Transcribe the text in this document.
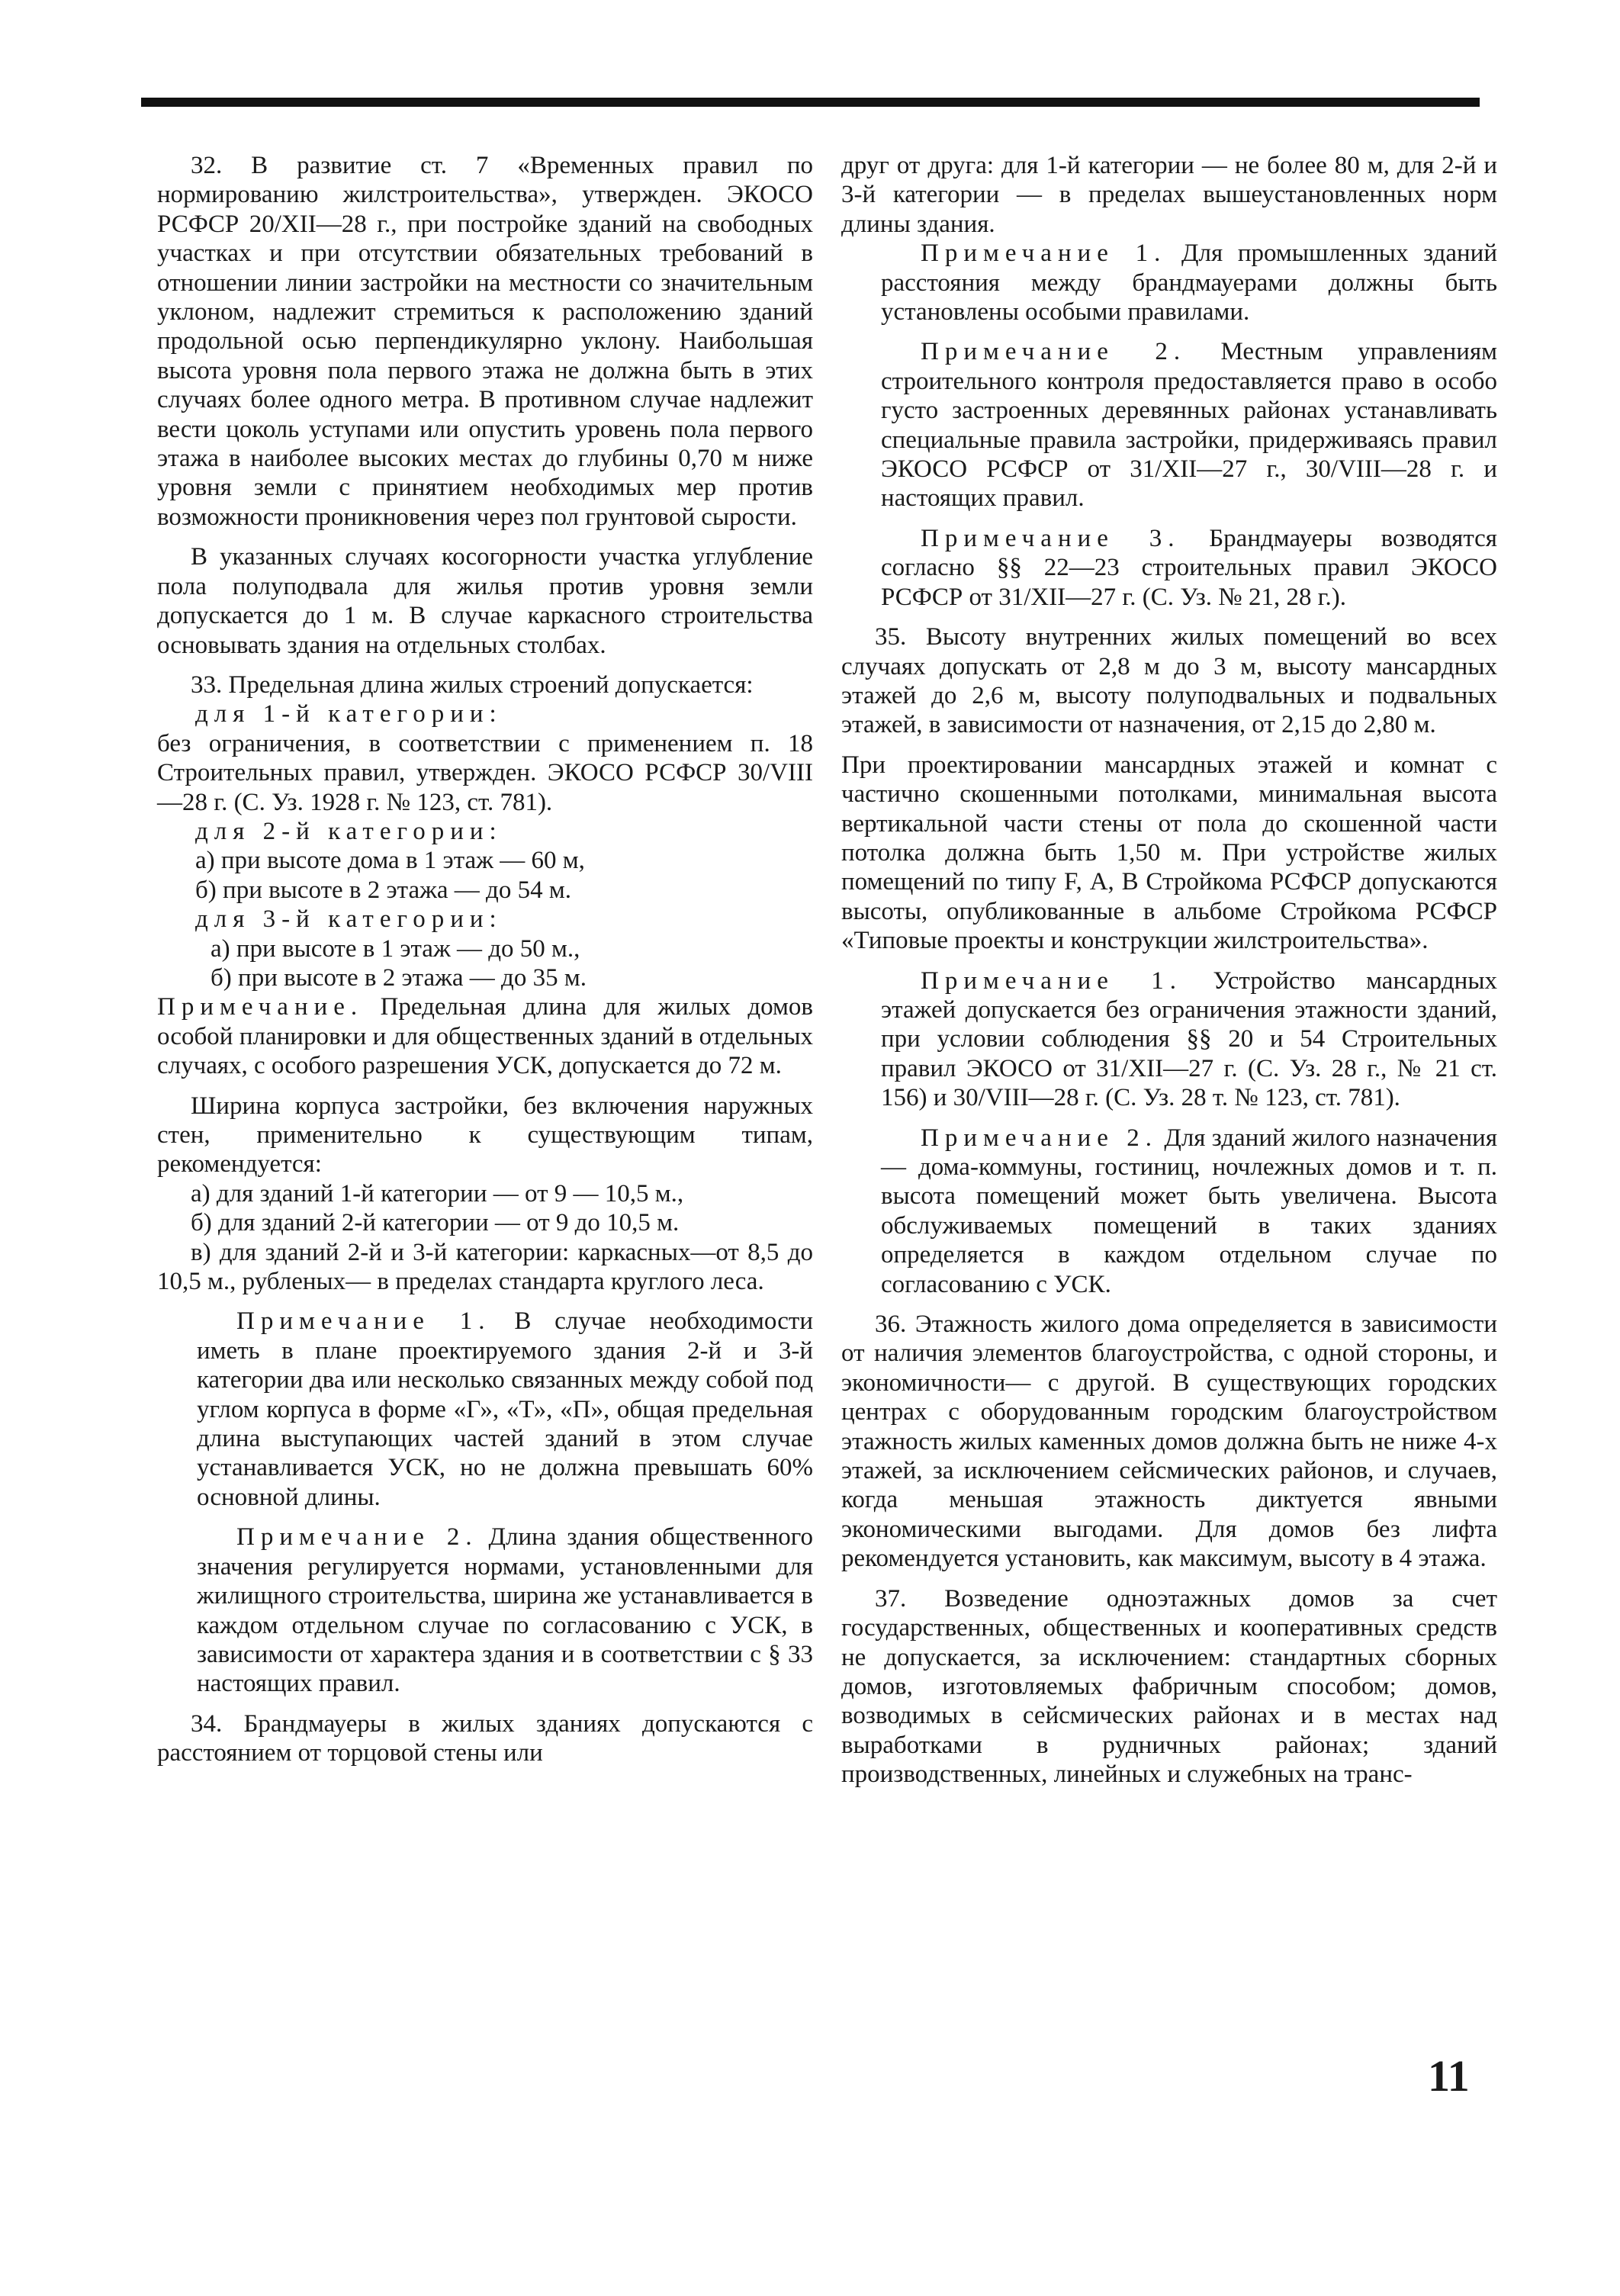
32. В развитие ст. 7 «Временных правил по нормированию жилстроительства», утвержден. ЭКОСО РСФСР 20/XII—28 г., при постройке зданий на свободных участках и при отсутствии обязательных требований в отношении линии застройки на местности со значительным уклоном, надлежит стремиться к расположению зданий продольной осью перпендикулярно уклону. Наибольшая высота уровня пола первого этажа не должна быть в этих случаях более одного метра. В противном случае надлежит вести цоколь уступами или опустить уровень пола первого этажа в наиболее высоких местах до глубины 0,70 м ниже уровня земли с принятием необходимых мер против возможности проникновения через пол грунтовой сырости.

В указанных случаях косогорности участка углубление пола полуподвала для жилья против уровня земли допускается до 1 м. В случае каркасного строительства основывать здания на отдельных столбах.

33. Предельная длина жилых строений допускается:

для 1-й категории:

без ограничения, в соответствии с применением п. 18 Строительных правил, утвержден. ЭКОСО РСФСР 30/VIII—28 г. (С. Уз. 1928 г. № 123, ст. 781).

для 2-й категории:

а) при высоте дома в 1 этаж — 60 м,

б) при высоте в 2 этажа — до 54 м.

для 3-й категории:

а) при высоте в 1 этаж — до 50 м.,

б) при высоте в 2 этажа — до 35 м.

Примечание. Предельная длина для жилых домов особой планировки и для общественных зданий в отдельных случаях, с особого разрешения УСК, допускается до 72 м.

Ширина корпуса застройки, без включения наружных стен, применительно к существующим типам, рекомендуется:

а) для зданий 1-й категории — от 9 — 10,5 м.,

б) для зданий 2-й категории — от 9 до 10,5 м.

в) для зданий 2-й и 3-й категории: каркасных—от 8,5 до 10,5 м., рубленых— в пределах стандарта круглого леса.

Примечание 1. В случае необходимости иметь в плане проектируемого здания 2-й и 3-й категории два или несколько связанных между собой под углом корпуса в форме «Г», «Т», «П», общая предельная длина выступающих частей зданий в этом случае устанавливается УСК, но не должна превышать 60% основной длины.

Примечание 2. Длина здания общественного значения регулируется нормами, установленными для жилищного строительства, ширина же устанавливается в каждом отдельном случае по согласованию с УСК, в зависимости от характера здания и в соответствии с § 33 настоящих правил.

34. Брандмауеры в жилых зданиях допускаются с расстоянием от торцовой стены или

друг от друга: для 1-й категории — не более 80 м, для 2-й и 3-й категории — в пределах вышеустановленных норм длины здания.

Примечание 1. Для промышленных зданий расстояния между брандмауерами должны быть установлены особыми правилами.

Примечание 2. Местным управлениям строительного контроля предоставляется право в особо густо застроенных деревянных районах устанавливать специальные правила застройки, придерживаясь правил ЭКОСО РСФСР от 31/XII—27 г., 30/VIII—28 г. и настоящих правил.

Примечание 3. Брандмауеры возводятся согласно §§ 22—23 строительных правил ЭКОСО РСФСР от 31/XII—27 г. (С. Уз. № 21, 28 г.).

35. Высоту внутренних жилых помещений во всех случаях допускать от 2,8 м до 3 м, высоту мансардных этажей до 2,6 м, высоту полуподвальных и подвальных этажей, в зависимости от назначения, от 2,15 до 2,80 м.

При проектировании мансардных этажей и комнат с частично скошенными потолками, минимальная высота вертикальной части стены от пола до скошенной части потолка должна быть 1,50 м. При устройстве жилых помещений по типу F, А, В Стройкома РСФСР допускаются высоты, опубликованные в альбоме Стройкома РСФСР «Типовые проекты и конструкции жилстроительства».

Примечание 1. Устройство мансардных этажей допускается без ограничения этажности зданий, при условии соблюдения §§ 20 и 54 Строительных правил ЭКОСО от 31/XII—27 г. (С. Уз. 28 г., № 21 ст. 156) и 30/VIII—28 г. (С. Уз. 28 т. № 123, ст. 781).

Примечание 2. Для зданий жилого назначения — дома-коммуны, гостиниц, ночлежных домов и т. п. высота помещений может быть увеличена. Высота обслуживаемых помещений в таких зданиях определяется в каждом отдельном случае по согласованию с УСК.

36. Этажность жилого дома определяется в зависимости от наличия элементов благоустройства, с одной стороны, и экономичности— с другой. В существующих городских центрах с оборудованным городским благоустройством этажность жилых каменных домов должна быть не ниже 4-х этажей, за исключением сейсмических районов, и случаев, когда меньшая этажность диктуется явными экономическими выгодами. Для домов без лифта рекомендуется установить, как максимум, высоту в 4 этажа.

37. Возведение одноэтажных домов за счет государственных, общественных и кооперативных средств не допускается, за исключением: стандартных сборных домов, изготовляемых фабричным способом; домов, возводимых в сейсмических районах и в местах над выработками в рудничных районах; зданий производственных, линейных и служебных на транс-

11
